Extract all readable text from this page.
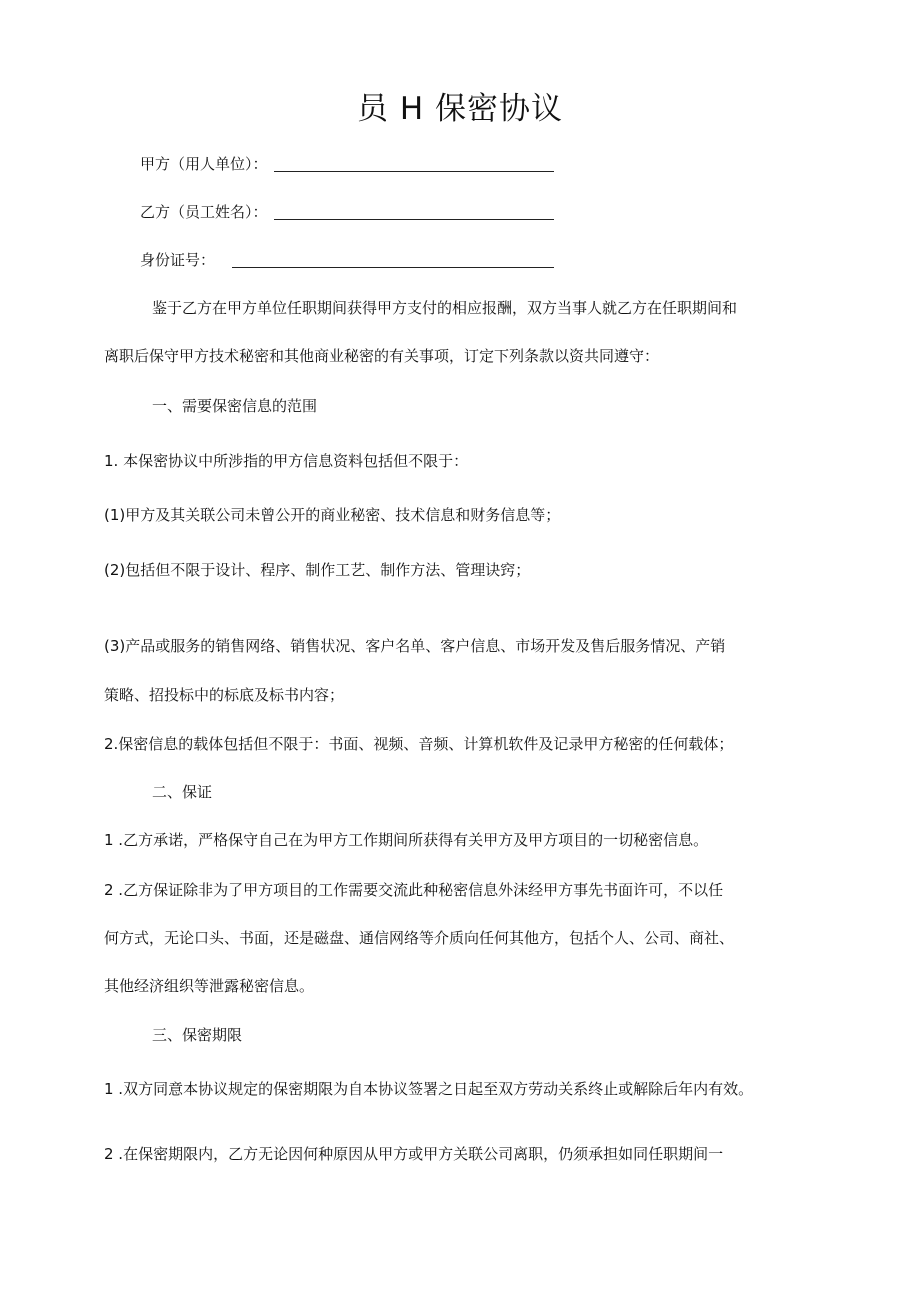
员 H 保密协议
甲方（用人单位）：
乙方（员工姓名）：
身份证号：
鉴于乙方在甲方单位任职期间获得甲方支付的相应报酬，双方当事人就乙方在任职期间和
离职后保守甲方技术秘密和其他商业秘密的有关事项，订定下列条款以资共同遵守：
一、需要保密信息的范围
1. 本保密协议中所涉指的甲方信息资料包括但不限于：
(1)甲方及其关联公司未曾公开的商业秘密、技术信息和财务信息等；
(2)包括但不限于设计、程序、制作工艺、制作方法、管理诀窍；
(3)产品或服务的销售网络、销售状况、客户名单、客户信息、市场开发及售后服务情况、产销
策略、招投标中的标底及标书内容；
2.保密信息的载体包括但不限于：书面、视频、音频、计算机软件及记录甲方秘密的任何载体；
二、保证
1 .乙方承诺，严格保守自己在为甲方工作期间所获得有关甲方及甲方项目的一切秘密信息。
2 .乙方保证除非为了甲方项目的工作需要交流此种秘密信息外沫经甲方事先书面许可，不以任
何方式，无论口头、书面，还是磁盘、通信网络等介质向任何其他方，包括个人、公司、商社、
其他经济组织等泄露秘密信息。
三、保密期限
1 .双方同意本协议规定的保密期限为自本协议签署之日起至双方劳动关系终止或解除后年内有效。
2 .在保密期限内，乙方无论因何种原因从甲方或甲方关联公司离职，仍须承担如同任职期间一
